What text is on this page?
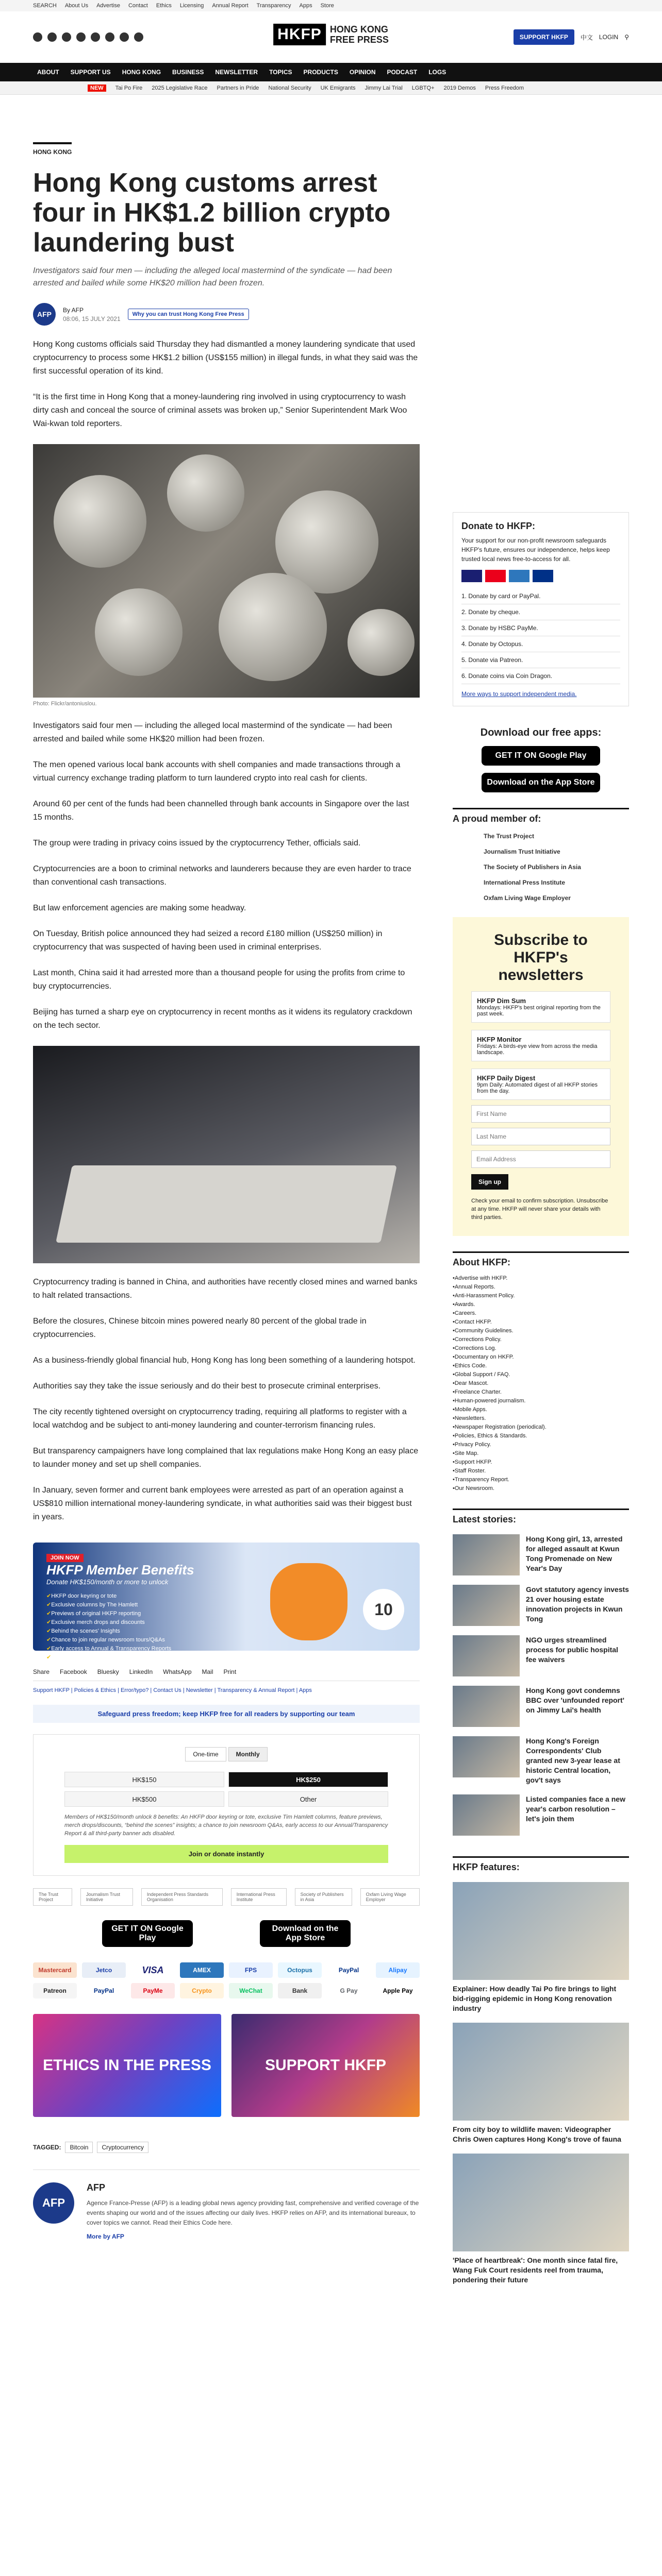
SEARCH About Us Advertise Contact Ethics Licensing Annual Report Transparency Apps Store
HKFP HONG KONG
FREE PRESS	SUPPORT HKFP	中文 LOGIN ⚲
ABOUT SUPPORT US HONG KONG BUSINESS NEWSLETTER TOPICS PRODUCTS OPINION PODCAST LOGS
NEW	Tai Po Fire 2025 Legislative Race Partners in Pride National Security UK Emigrants Jimmy Lai Trial LGBTQ+ 2019 Demos Press Freedom
HONG KONG
Hong Kong customs arrest four in HK$1.2 billion crypto laundering bust

Investigators said four men — including the alleged local mastermind of the syndicate — had been arrested and bailed while some HK$20 million had been frozen.

AFP
By AFP
08:06, 15 JULY 2021
Why you can trust Hong Kong Free Press

Hong Kong customs officials said Thursday they had dismantled a money laundering syndicate that used cryptocurrency to process some HK$1.2 billion (US$155 million) in illegal funds, in what they said was the first successful operation of its kind.

“It is the first time in Hong Kong that a money-laundering ring involved in using cryptocurrency to wash dirty cash and conceal the source of criminal assets was broken up,” Senior Superintendent Mark Woo Wai-kwan told reporters.

Photo: Flickr/antoniuslou.

Investigators said four men — including the alleged local mastermind of the syndicate — had been arrested and bailed while some HK$20 million had been frozen.

The men opened various local bank accounts with shell companies and made transactions through a virtual currency exchange trading platform to turn laundered crypto into real cash for clients.

Around 60 per cent of the funds had been channelled through bank accounts in Singapore over the last 15 months.

The group were trading in privacy coins issued by the cryptocurrency Tether, officials said.

Cryptocurrencies are a boon to criminal networks and launderers because they are even harder to trace than conventional cash transactions.

But law enforcement agencies are making some headway.

On Tuesday, British police announced they had seized a record £180 million (US$250 million) in cryptocurrency that was suspected of having been used in criminal enterprises.

Last month, China said it had arrested more than a thousand people for using the profits from crime to buy cryptocurrencies.

Beijing has turned a sharp eye on cryptocurrency in recent months as it widens its regulatory crackdown on the tech sector.

Cryptocurrency trading is banned in China, and authorities have recently closed mines and warned banks to halt related transactions.

Before the closures, Chinese bitcoin mines powered nearly 80 percent of the global trade in cryptocurrencies.

As a business-friendly global financial hub, Hong Kong has long been something of a laundering hotspot.

Authorities say they take the issue seriously and do their best to prosecute criminal enterprises.

The city recently tightened oversight on cryptocurrency trading, requiring all platforms to register with a local watchdog and be subject to anti-money laundering and counter-terrorism financing rules.

But transparency campaigners have long complained that lax regulations make Hong Kong an easy place to launder money and set up shell companies.

In January, seven former and current bank employees were arrested as part of an operation against a US$810 million international money-laundering syndicate, in what authorities said was their biggest bust in years.

JOIN NOW
HKFP Member Benefits
Donate HK$150/month or more to unlock
✔ HKFP door keyring or tote
✔ Exclusive columns by The Hamlett
✔ Previews of original HKFP reporting
✔ Exclusive merch drops and discounts
✔ Behind the scenes' Insights
✔ Chance to join regular newsroom tours/Q&As
✔ Early access to Annual & Transparency Reports
✔ All third party banner ads disabled
10
Share Facebook Bluesky LinkedIn WhatsApp Mail Print
Support HKFP | Policies & Ethics | Error/typo? | Contact Us | Newsletter | Transparency & Annual Report | Apps
Safeguard press freedom; keep HKFP free for all readers by supporting our team
One-time	Monthly
HK$150	HK$250
HK$500	Other

Members of HK$150/month unlock 8 benefits: An HKFP door keyring or tote, exclusive Tim Hamlett columns, feature previews, merch drops/discounts, “behind the scenes” insights; a chance to join newsroom Q&As, early access to our Annual/Transparency Report & all third-party banner ads disabled.

Join or donate instantly
The Trust Project
Journalism Trust Initiative
Independent Press Standards Organisation
International Press Institute
Society of Publishers in Asia
Oxfam Living Wage Employer
GET IT ON Google Play
Download on the App Store
Mastercard	Jetco	VISA	AMEX	FPS	Octopus	PayPal	Alipay
Patreon	PayPal	PayMe	Crypto	WeChat	Bank	G Pay	Apple Pay
ETHICS IN THE PRESS	SUPPORT HKFP
TAGGED:	Bitcoin	Cryptocurrency
AFP
AFP

Agence France-Presse (AFP) is a leading global news agency providing fast, comprehensive and verified coverage of the events shaping our world and of the issues affecting our daily lives. HKFP relies on AFP, and its international bureaux, to cover topics we cannot. Read their Ethics Code here.

More by AFP
Donate to HKFP:

Your support for our non-profit newsroom safeguards HKFP's future, ensures our independence, helps keep trusted local news free-to-access for all.

1. Donate by card or PayPal.
2. Donate by cheque.
3. Donate by HSBC PayMe.
4. Donate by Octopus.
5. Donate via Patreon.
6. Donate coins via Coin Dragon.
More ways to support independent media.
Download our free apps:
GET IT ON Google Play
Download on the App Store
A proud member of:
The Trust Project
Journalism Trust Initiative
The Society of Publishers in Asia
International Press Institute
Oxfam Living Wage Employer
Subscribe to HKFP's newsletters
HKFP Dim Sum
Mondays: HKFP's best original reporting from the past week.
HKFP Monitor
Fridays: A birds-eye view from across the media landscape.
HKFP Daily Digest
9pm Daily: Automated digest of all HKFP stories from the day.
First Name
Last Name
Email Address
Sign up

Check your email to confirm subscription. Unsubscribe at any time. HKFP will never share your details with third parties.

About HKFP:
• Advertise with HKFP.
• Annual Reports.
• Anti-Harassment Policy.
• Awards.
• Careers.
• Contact HKFP.
• Community Guidelines.
• Corrections Policy.
• Corrections Log.
• Documentary on HKFP.
• Ethics Code.
• Global Support / FAQ.
• Dear Mascot.
• Freelance Charter.
• Human-powered journalism.
• Mobile Apps.
• Newsletters.
• Newspaper Registration (periodical).
• Policies, Ethics & Standards.
• Privacy Policy.
• Site Map.
• Support HKFP.
• Staff Roster.
• Transparency Report.
• Our Newsroom.
Latest stories:
Hong Kong girl, 13, arrested for alleged assault at Kwun Tong Promenade on New Year's Day
Govt statutory agency invests 21 over housing estate innovation projects in Kwun Tong
NGO urges streamlined process for public hospital fee waivers
Hong Kong govt condemns BBC over 'unfounded report' on Jimmy Lai's health
Hong Kong's Foreign Correspondents' Club granted new 3-year lease at historic Central location, gov't says
Listed companies face a new year's carbon resolution – let's join them
HKFP features:
Explainer: How deadly Tai Po fire brings to light bid-rigging epidemic in Hong Kong renovation industry
From city boy to wildlife maven: Videographer Chris Owen captures Hong Kong's trove of fauna
'Place of heartbreak': One month since fatal fire, Wang Fuk Court residents reel from trauma, pondering their future
